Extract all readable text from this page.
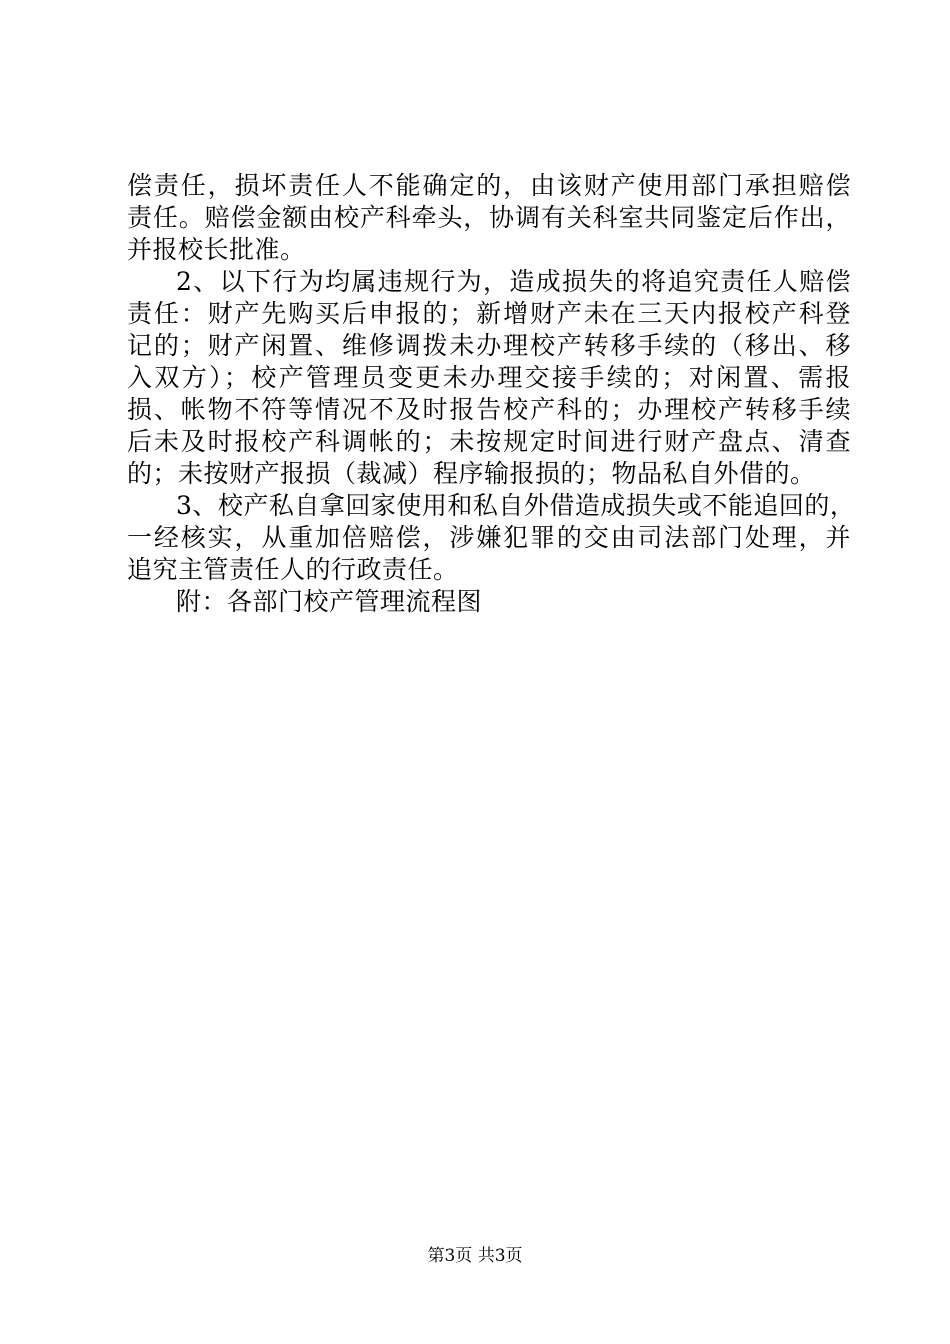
偿责任，损坏责任人不能确定的，由该财产使用部门承担赔偿
责任。赔偿金额由校产科牵头，协调有关科室共同鉴定后作出，
并报校长批准。
2、以下行为均属违规行为，造成损失的将追究责任人赔偿
责任：财产先购买后申报的；新增财产未在三天内报校产科登
记的；财产闲置、维修调拨未办理校产转移手续的（移出、移
入双方）；校产管理员变更未办理交接手续的；对闲置、需报
损、帐物不符等情况不及时报告校产科的；办理校产转移手续
后未及时报校产科调帐的；未按规定时间进行财产盘点、清查
的；未按财产报损（裁减）程序输报损的；物品私自外借的。
3、校产私自拿回家使用和私自外借造成损失或不能追回的，
一经核实，从重加倍赔偿，涉嫌犯罪的交由司法部门处理，并
追究主管责任人的行政责任。
附：各部门校产管理流程图
第3页 共3页
